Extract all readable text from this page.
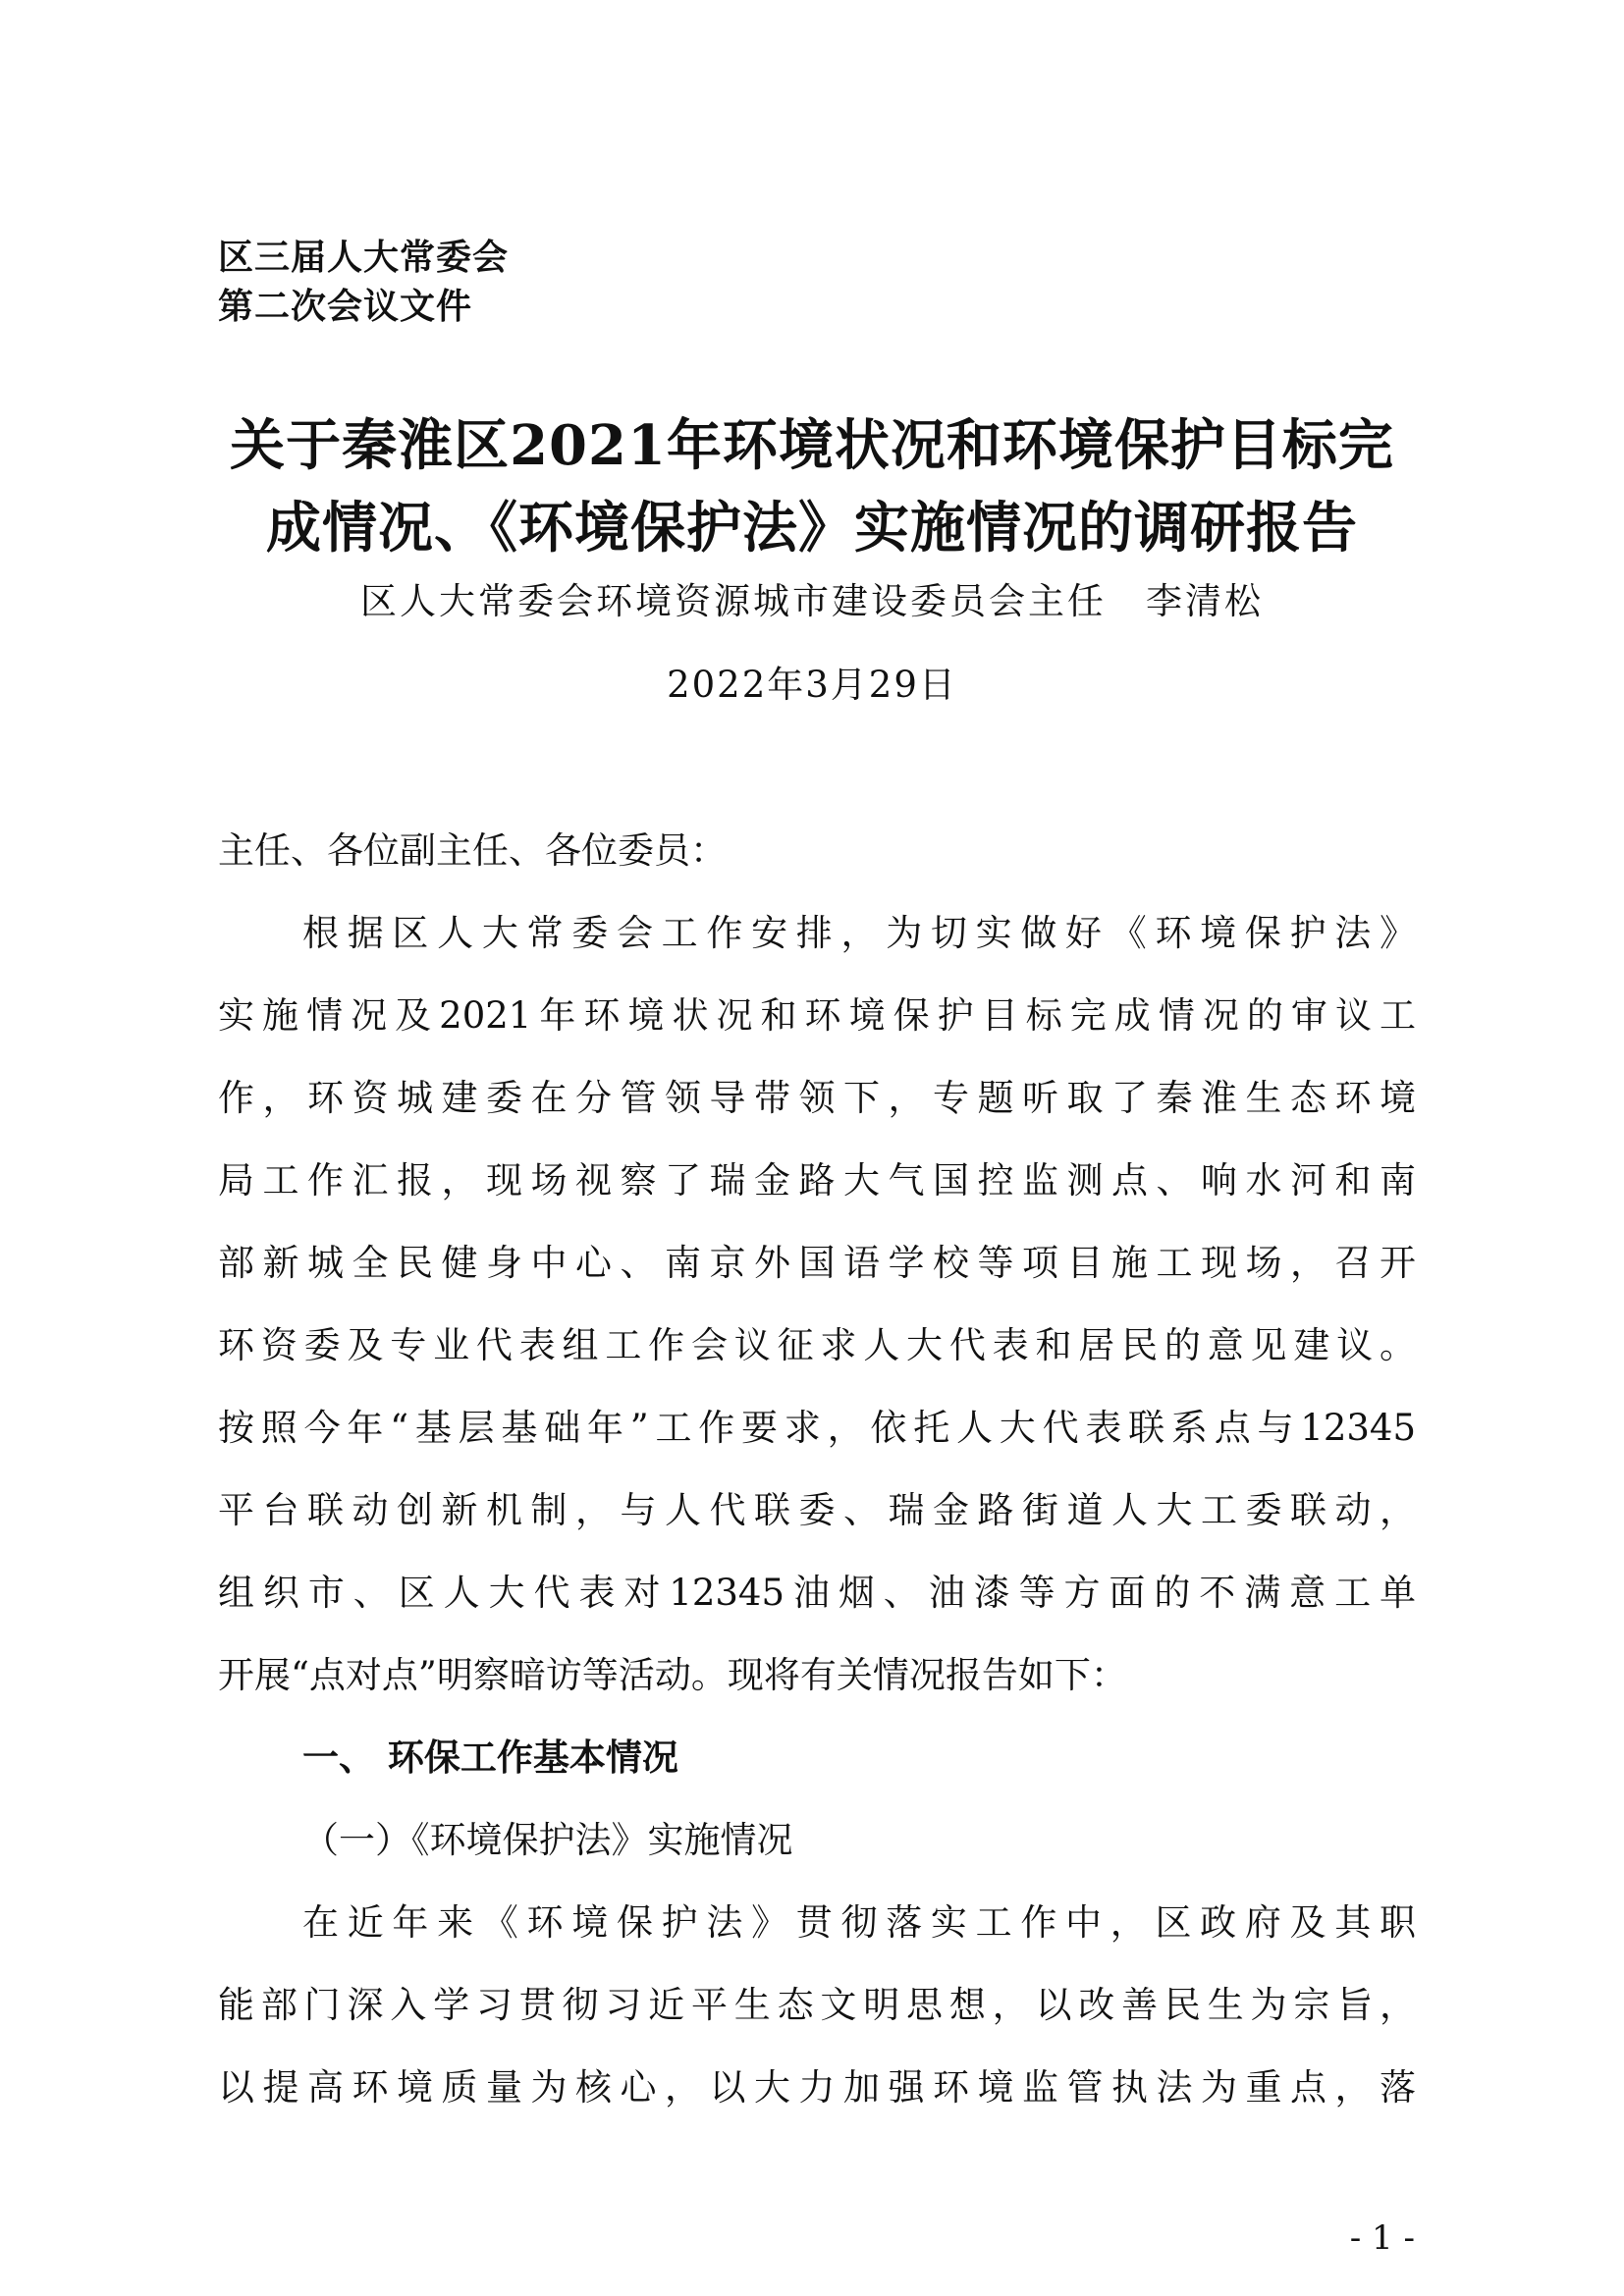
区三届人大常委会
第二次会议文件
关于秦淮区2021年环境状况和环境保护目标完
成情况、《环境保护法》实施情况的调研报告
区人大常委会环境资源城市建设委员会主任　李清松
2022年3月29日
主任、各位副主任、各位委员：
根据区人大常委会工作安排，为切实做好《环境保护法》
实施情况及2021年环境状况和环境保护目标完成情况的审议工
作，环资城建委在分管领导带领下，专题听取了秦淮生态环境
局工作汇报，现场视察了瑞金路大气国控监测点、响水河和南
部新城全民健身中心、南京外国语学校等项目施工现场，召开
环资委及专业代表组工作会议征求人大代表和居民的意见建议。
按照今年“基层基础年”工作要求，依托人大代表联系点与12345
平台联动创新机制，与人代联委、瑞金路街道人大工委联动，
组织市、区人大代表对12345油烟、油漆等方面的不满意工单
开展“点对点”明察暗访等活动。现将有关情况报告如下：
一、 环保工作基本情况
（一）《环境保护法》实施情况
在近年来《环境保护法》贯彻落实工作中，区政府及其职
能部门深入学习贯彻习近平生态文明思想，以改善民生为宗旨，
以提高环境质量为核心，以大力加强环境监管执法为重点，落
- 1 -
